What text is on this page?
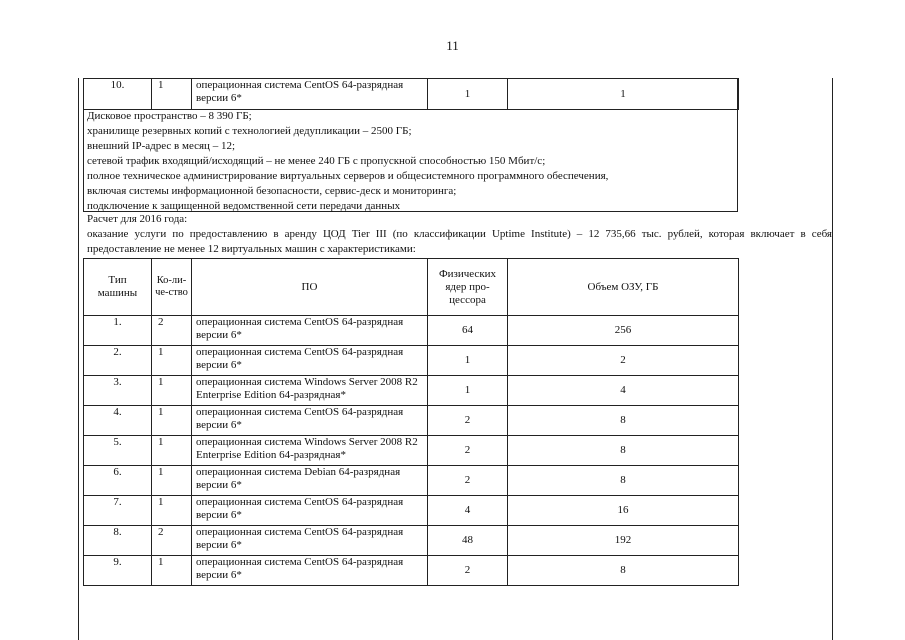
11
10.	1	операционная система CentOS 64-разрядная версии 6*	1	1
Дисковое пространство – 8 390 ГБ;
хранилище резервных копий с технологией дедупликации – 2500 ГБ;
внешний IP-адрес в месяц – 12;
сетевой трафик входящий/исходящий – не менее 240 ГБ с пропускной способностью 150 Мбит/с;
полное техническое администрирование виртуальных серверов и общесистемного программного обеспечения,
включая системы информационной безопасности, сервис-деск и мониторинга;
подключение к защищенной ведомственной сети передачи данных
Расчет для 2016 года:
оказание услуги по предоставлению в аренду ЦОД Tier III (по классификации Uptime Institute) – 12 735,66 тыс. рублей, которая включает в себя предоставление не менее 12 виртуальных машин с характеристиками:
Тип машины	Ко-ли-че-ство	ПО	Физических ядер про-цессора	Объем ОЗУ, ГБ
1.	2	операционная система CentOS 64-разрядная версии 6*	64	256
2.	1	операционная система CentOS 64-разрядная версии 6*	1	2
3.	1	операционная система Windows Server 2008 R2 Enterprise Edition 64-разрядная*	1	4
4.	1	операционная система CentOS 64-разрядная версии 6*	2	8
5.	1	операционная система Windows Server 2008 R2 Enterprise Edition 64-разрядная*	2	8
6.	1	операционная система Debian 64-разрядная версии 6*	2	8
7.	1	операционная система CentOS 64-разрядная версии 6*	4	16
8.	2	операционная система CentOS 64-разрядная версии 6*	48	192
9.	1	операционная система CentOS 64-разрядная версии 6*	2	8
